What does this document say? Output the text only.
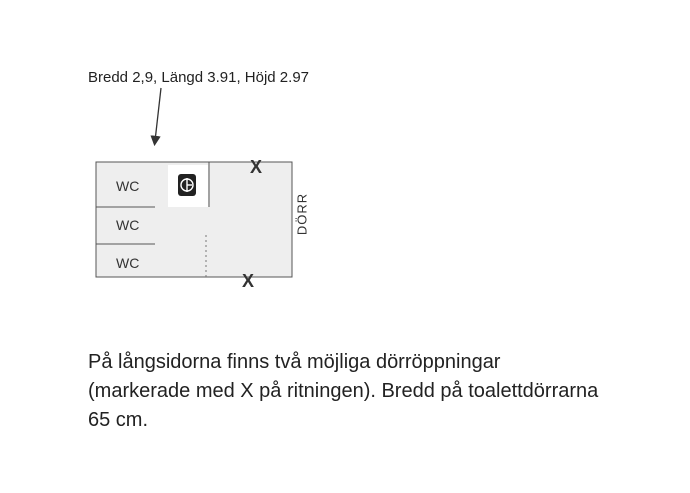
Bredd 2,9, Längd 3.91, Höjd 2.97
WC
WC
WC
X
X
DÖRR
På långsidorna finns två möjliga dörröppningar (markerade med X på ritningen). Bredd på toalettdörrarna 65 cm.
